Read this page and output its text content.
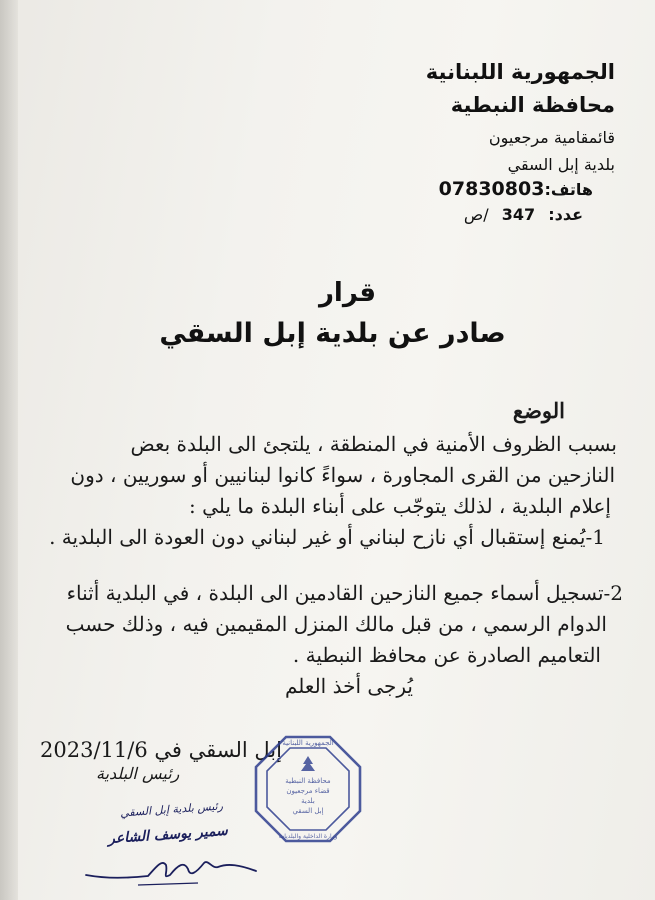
الجمهورية اللبنانية
محافظة النبطية
قائمقامية مرجعيون
بلدية إبل السقي
هاتف:07830803
عدد: 347 /ص
قرار
صادر عن بلدية إبل السقي
الوضع
بسبب الظروف الأمنية في المنطقة ، يلتجئ الى البلدة بعض
النازحين من القرى المجاورة ، سواءً كانوا لبنانيين أو سوريين ، دون
إعلام البلدية ، لذلك يتوجّب على أبناء البلدة ما يلي :
1-يُمنع إستقبال أي نازح لبناني أو غير لبناني دون العودة الى البلدية .
2-تسجيل أسماء جميع النازحين القادمين الى البلدة ، في البلدية أثناء
الدوام الرسمي ، من قبل مالك المنزل المقيمين فيه ، وذلك حسب
التعاميم الصادرة عن محافظ النبطية .
يُرجى أخذ العلم
إبل السقي في 2023/11/6
رئيس البلدية
الجمهورية اللبنانية
محافظة النبطية
قضاء مرجعيون
بلدية
إبل السقي
وزارة الداخلية والبلديات
رئيس بلدية إبل السقي
سمير يوسف الشاعر
